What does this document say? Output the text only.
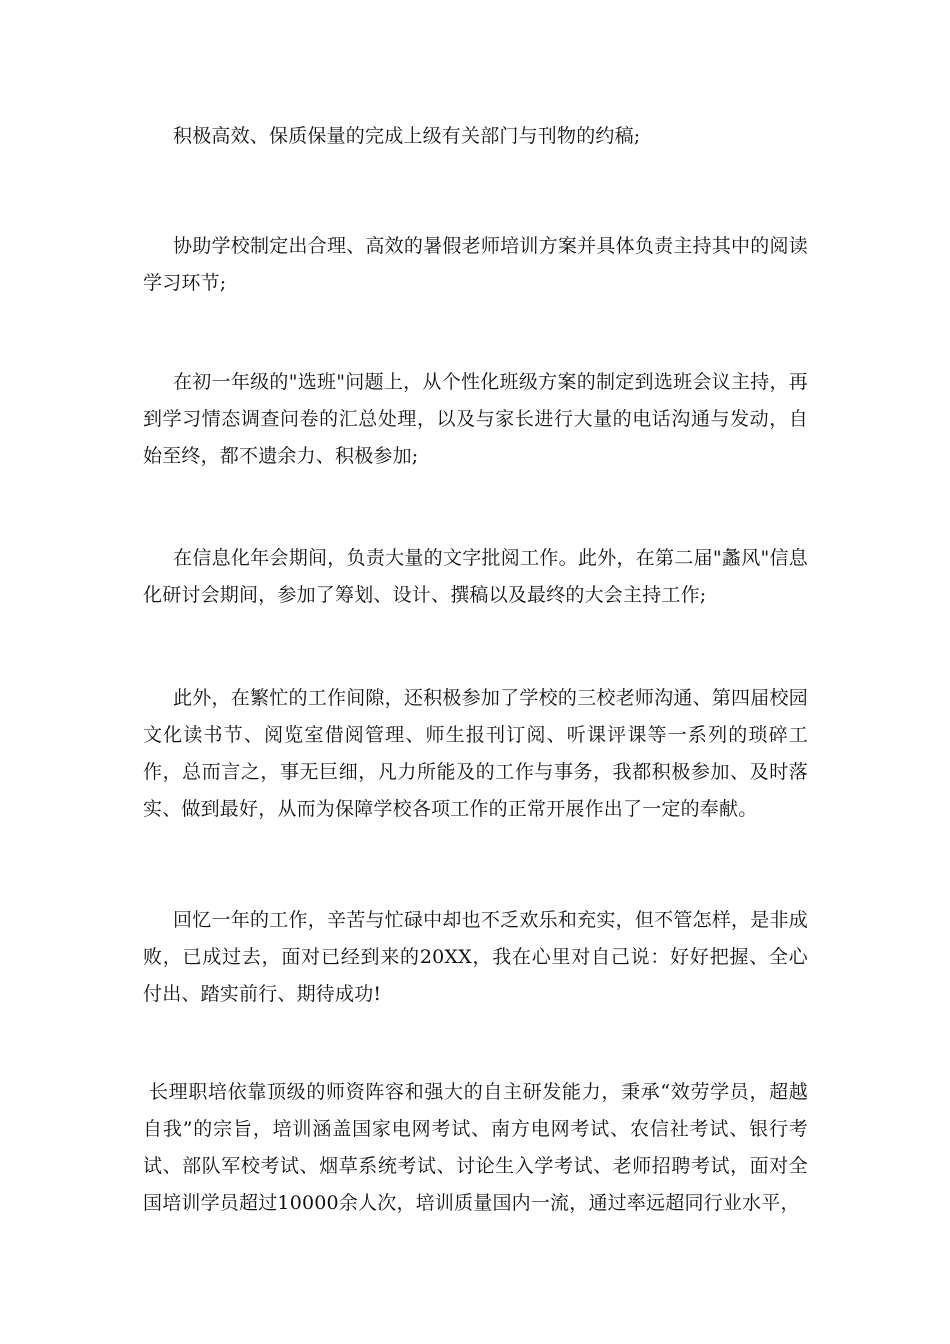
积极高效、保质保量的完成上级有关部门与刊物的约稿;

协助学校制定出合理、高效的暑假老师培训方案并具体负责主持其中的阅读学习环节;

在初一年级的"选班"问题上，从个性化班级方案的制定到选班会议主持，再到学习情态调查问卷的汇总处理，以及与家长进行大量的电话沟通与发动，自始至终，都不遗余力、积极参加;

在信息化年会期间，负责大量的文字批阅工作。此外，在第二届"蠡风"信息化研讨会期间，参加了筹划、设计、撰稿以及最终的大会主持工作;

此外，在繁忙的工作间隙，还积极参加了学校的三校老师沟通、第四届校园文化读书节、阅览室借阅管理、师生报刊订阅、听课评课等一系列的琐碎工作，总而言之，事无巨细，凡力所能及的工作与事务，我都积极参加、及时落实、做到最好，从而为保障学校各项工作的正常开展作出了一定的奉献。

回忆一年的工作，辛苦与忙碌中却也不乏欢乐和充实，但不管怎样，是非成败，已成过去，面对已经到来的20XX，我在心里对自己说：好好把握、全心付出、踏实前行、期待成功!

长理职培依靠顶级的师资阵容和强大的自主研发能力，秉承“效劳学员，超越自我”的宗旨，培训涵盖国家电网考试、南方电网考试、农信社考试、银行考试、部队军校考试、烟草系统考试、讨论生入学考试、老师招聘考试，面对全国培训学员超过10000余人次，培训质量国内一流，通过率远超同行业水平，
